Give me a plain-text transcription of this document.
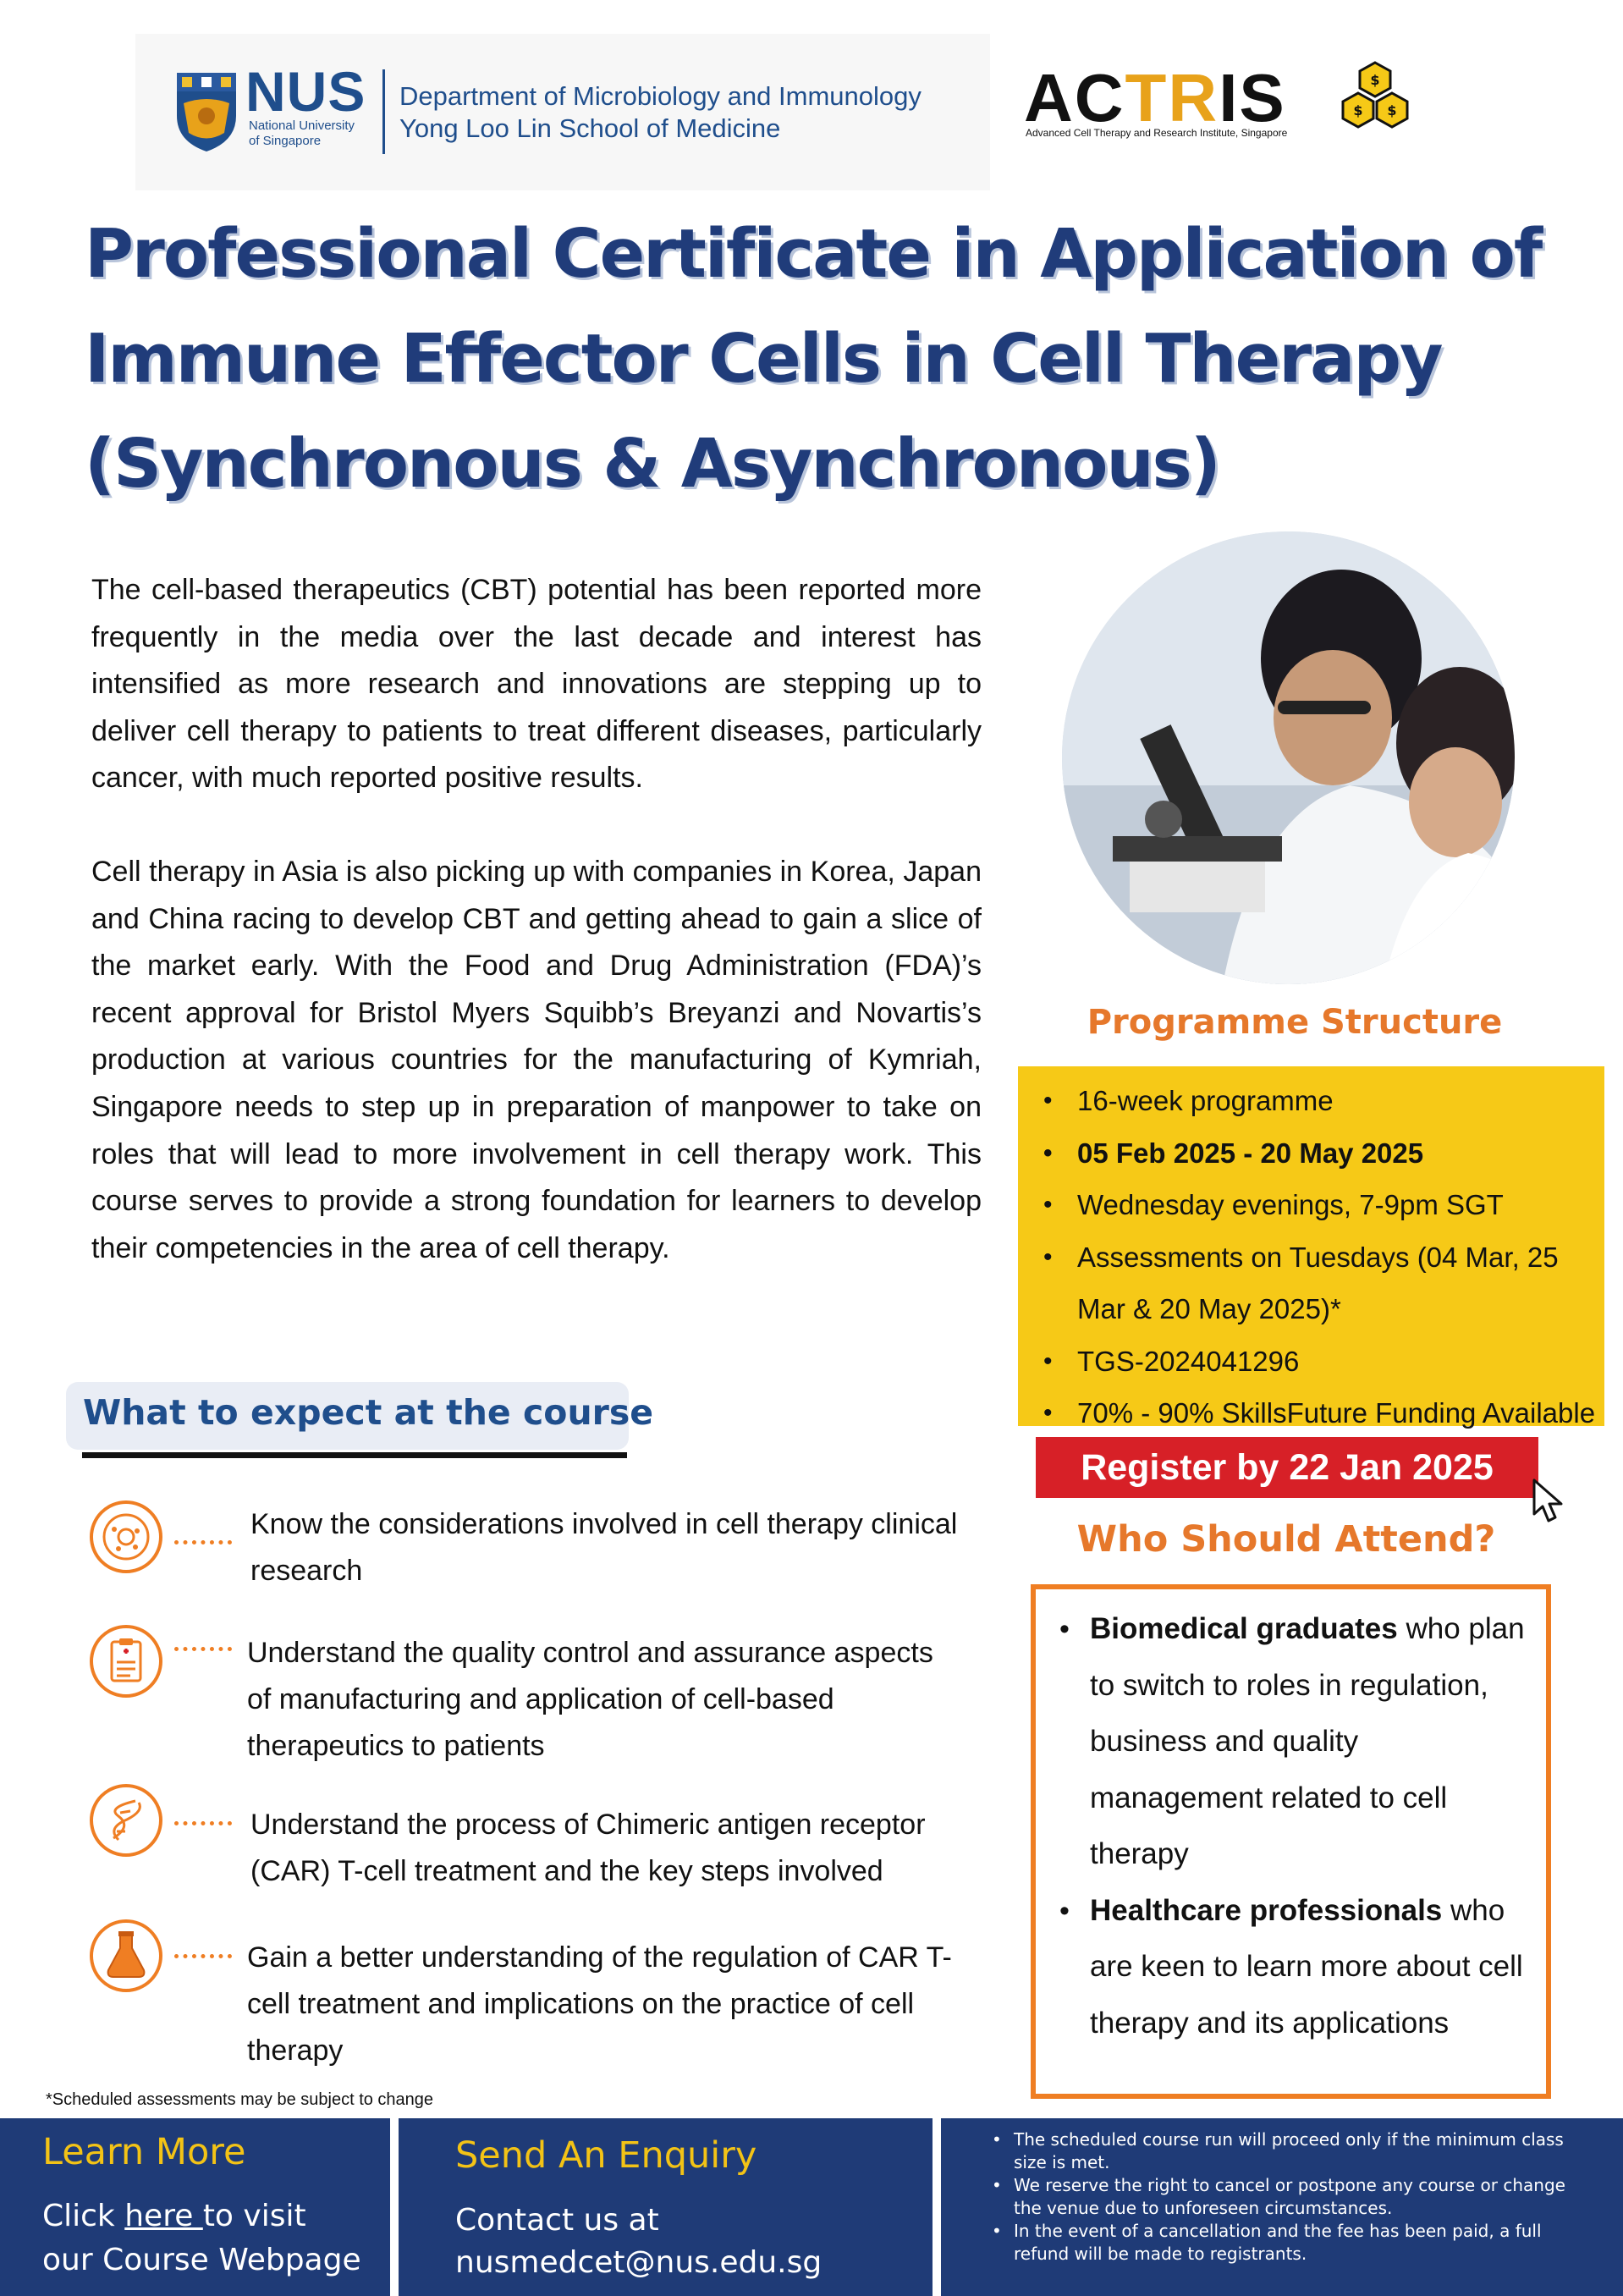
NUS
National University
of Singapore
Department of Microbiology and Immunology
Yong Loo Lin School of Medicine	ACTRIS
Advanced Cell Therapy and Research Institute, Singapore
$
$ $
Professional Certificate in Application of
Immune Effector Cells in Cell Therapy
(Synchronous & Asynchronous)

The cell-based therapeutics (CBT) potential has been reported more frequently in the media over the last decade and interest has intensified as more research and innovations are stepping up to deliver cell therapy to patients to treat different diseases, particularly cancer, with much reported positive results.

Cell therapy in Asia is also picking up with companies in Korea, Japan and China racing to develop CBT and getting ahead to gain a slice of the market early. With the Food and Drug Administration (FDA)’s recent approval for Bristol Myers Squibb’s Breyanzi and Novartis’s production at various countries for the manufacturing of Kymriah, Singapore needs to step up in preparation of manpower to take on roles that will lead to more involvement in cell therapy work. This course serves to provide a strong foundation for learners to develop their competencies in the area of cell therapy.

Programme Structure
• 16-week programme
• 05 Feb 2025 - 20 May 2025
• Wednesday evenings, 7-9pm SGT
• Assessments on Tuesdays (04 Mar, 25 Mar & 20 May 2025)*
• TGS-2024041296
• 70% - 90% SkillsFuture Funding Available
Register by 22 Jan 2025
Who Should Attend?
• Biomedical graduates who plan to switch to roles in regulation, business and quality management related to cell therapy
• Healthcare professionals who are keen to learn more about cell therapy and its applications
What to expect at the course
Know the considerations involved in cell therapy clinical research
Understand the quality control and assurance aspects of manufacturing and application of cell-based therapeutics to patients
Understand the process of Chimeric antigen receptor (CAR) T-cell treatment and the key steps involved
Gain a better understanding of the regulation of CAR T-cell treatment and implications on the practice of cell therapy
*Scheduled assessments may be subject to change
Learn More
Click here to visit
our Course Webpage
Send An Enquiry
Contact us at
nusmedcet@nus.edu.sg
• The scheduled course run will proceed only if the minimum class size is met.
• We reserve the right to cancel or postpone any course or change the venue due to unforeseen circumstances.
• In the event of a cancellation and the fee has been paid, a full refund will be made to registrants.
